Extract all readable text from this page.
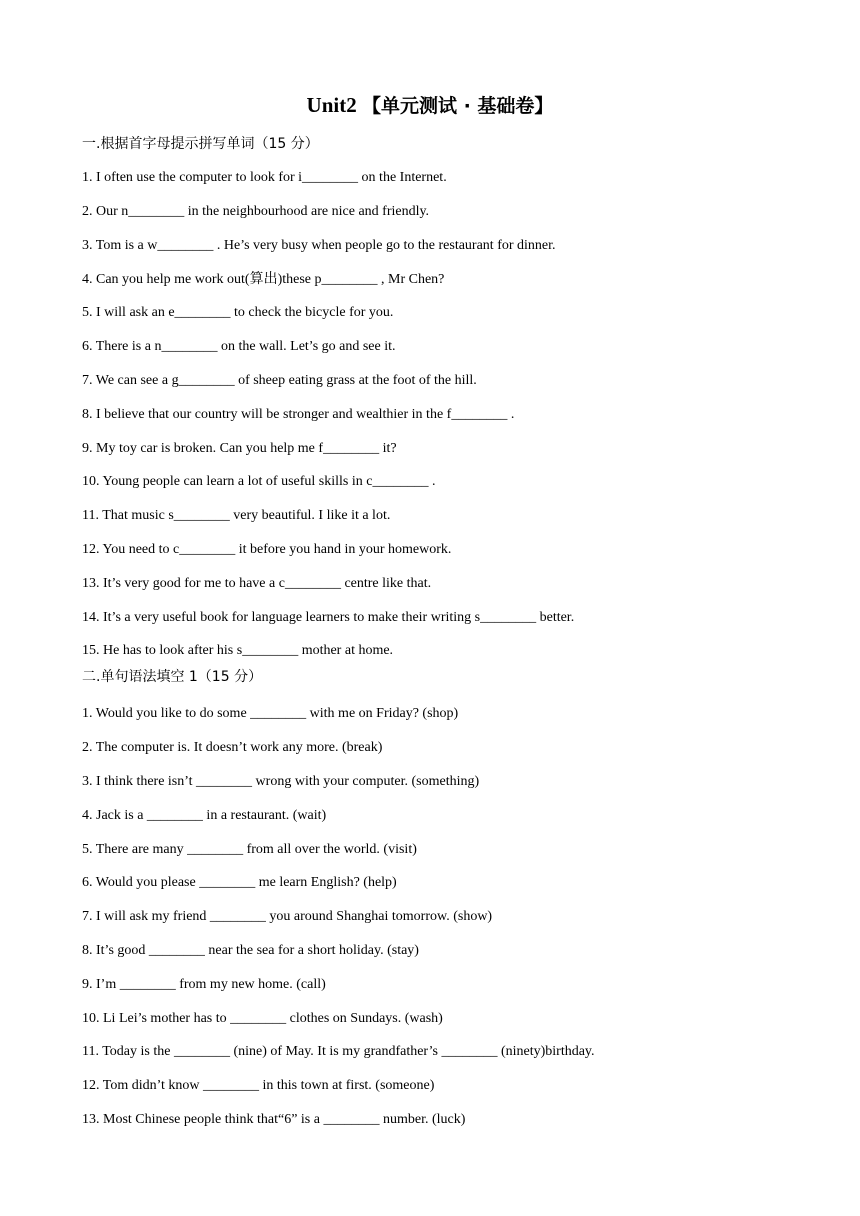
Unit2 【单元测试 · 基础卷】
一.根据首字母提示拼写单词（15 分）
1. I often use the computer to look for i________ on the Internet.
2. Our n________ in the neighbourhood are nice and friendly.
3. Tom is a w________ . He’s very busy when people go to the restaurant for dinner.
4. Can you help me work out(算出)these p________ , Mr Chen?
5. I will ask an e________ to check the bicycle for you.
6. There is a n________ on the wall. Let’s go and see it.
7. We can see a g________ of sheep eating grass at the foot of the hill.
8. I believe that our country will be stronger and wealthier in the f________ .
9. My toy car is broken. Can you help me f________ it?
10. Young people can learn a lot of useful skills in c________ .
11. That music s________ very beautiful. I like it a lot.
12. You need to c________ it before you hand in your homework.
13. It’s very good for me to have a c________ centre like that.
14. It’s a very useful book for language learners to make their writing s________ better.
15. He has to look after his s________ mother at home.
二.单句语法填空 1（15 分）
1. Would you like to do some ________ with me on Friday? (shop)
2. The computer is. It doesn’t work any more. (break)
3. I think there isn’t ________ wrong with your computer. (something)
4. Jack is a ________ in a restaurant. (wait)
5. There are many ________ from all over the world. (visit)
6. Would you please ________ me learn English? (help)
7. I will ask my friend ________ you around Shanghai tomorrow. (show)
8. It’s good ________ near the sea for a short holiday. (stay)
9. I’m ________ from my new home. (call)
10. Li Lei’s mother has to ________ clothes on Sundays. (wash)
11. Today is the ________ (nine) of May. It is my grandfather’s ________ (ninety)birthday.
12. Tom didn’t know ________ in this town at first. (someone)
13. Most Chinese people think that“6” is a ________ number. (luck)
